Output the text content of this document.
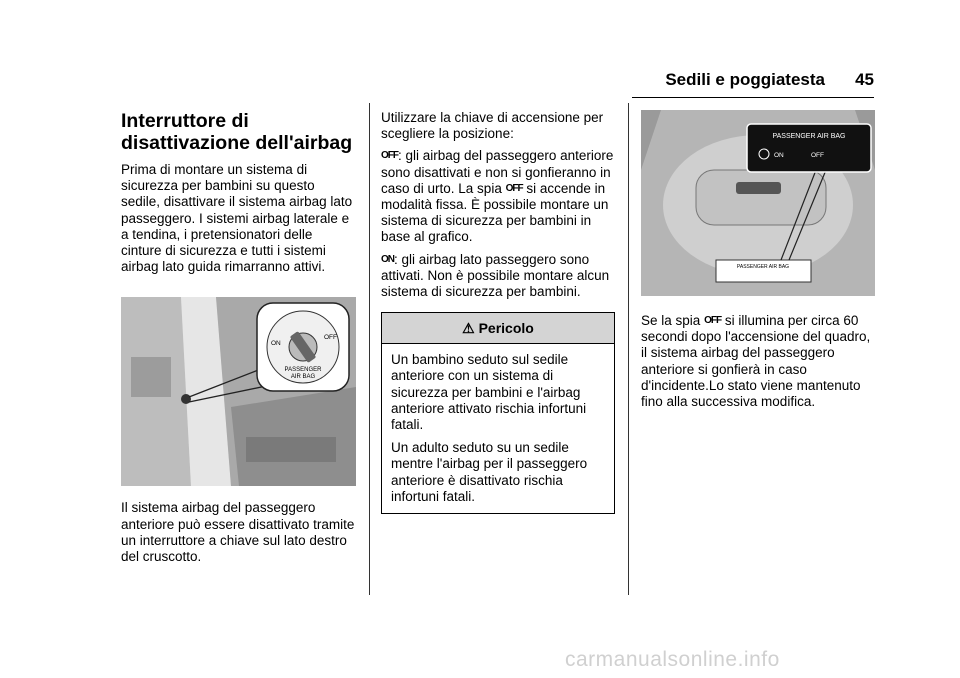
Sedili e poggiatesta 45
Interruttore di disattivazione dell'airbag

Prima di montare un sistema di sicurezza per bambini su questo sedile, disattivare il sistema airbag lato passeggero. I sistemi airbag laterale e a tendina, i pretensionatori delle cinture di sicurezza e tutti i sistemi airbag lato guida rimarranno attivi.

ON
OFF
PASSENGER
AIR BAG

Il sistema airbag del passeggero anteriore può essere disattivato tramite un interruttore a chiave sul lato destro del cruscotto.

Utilizzare la chiave di accensione per scegliere la posizione:

OFF: gli airbag del passeggero anteriore sono disattivati e non si gonfieranno in caso di urto. La spia OFF si accende in modalità fissa. È possibile montare un sistema di sicurezza per bambini in base al grafico.

ON: gli airbag lato passeggero sono attivati. Non è possibile montare alcun sistema di sicurezza per bambini.

⚠ Pericolo

Un bambino seduto sul sedile anteriore con un sistema di sicurezza per bambini e l'airbag anteriore attivato rischia infortuni fatali.

Un adulto seduto su un sedile mentre l'airbag per il passeggero anteriore è disattivato rischia infortuni fatali.

PASSENGER AIR BAG
PASSENGER AIR BAG
ON	OFF

Se la spia OFF si illumina per circa 60 secondi dopo l'accensione del quadro, il sistema airbag del passeggero anteriore si gonfierà in caso d'incidente.Lo stato viene mantenuto fino alla successiva modifica.

carmanualsonline.info
